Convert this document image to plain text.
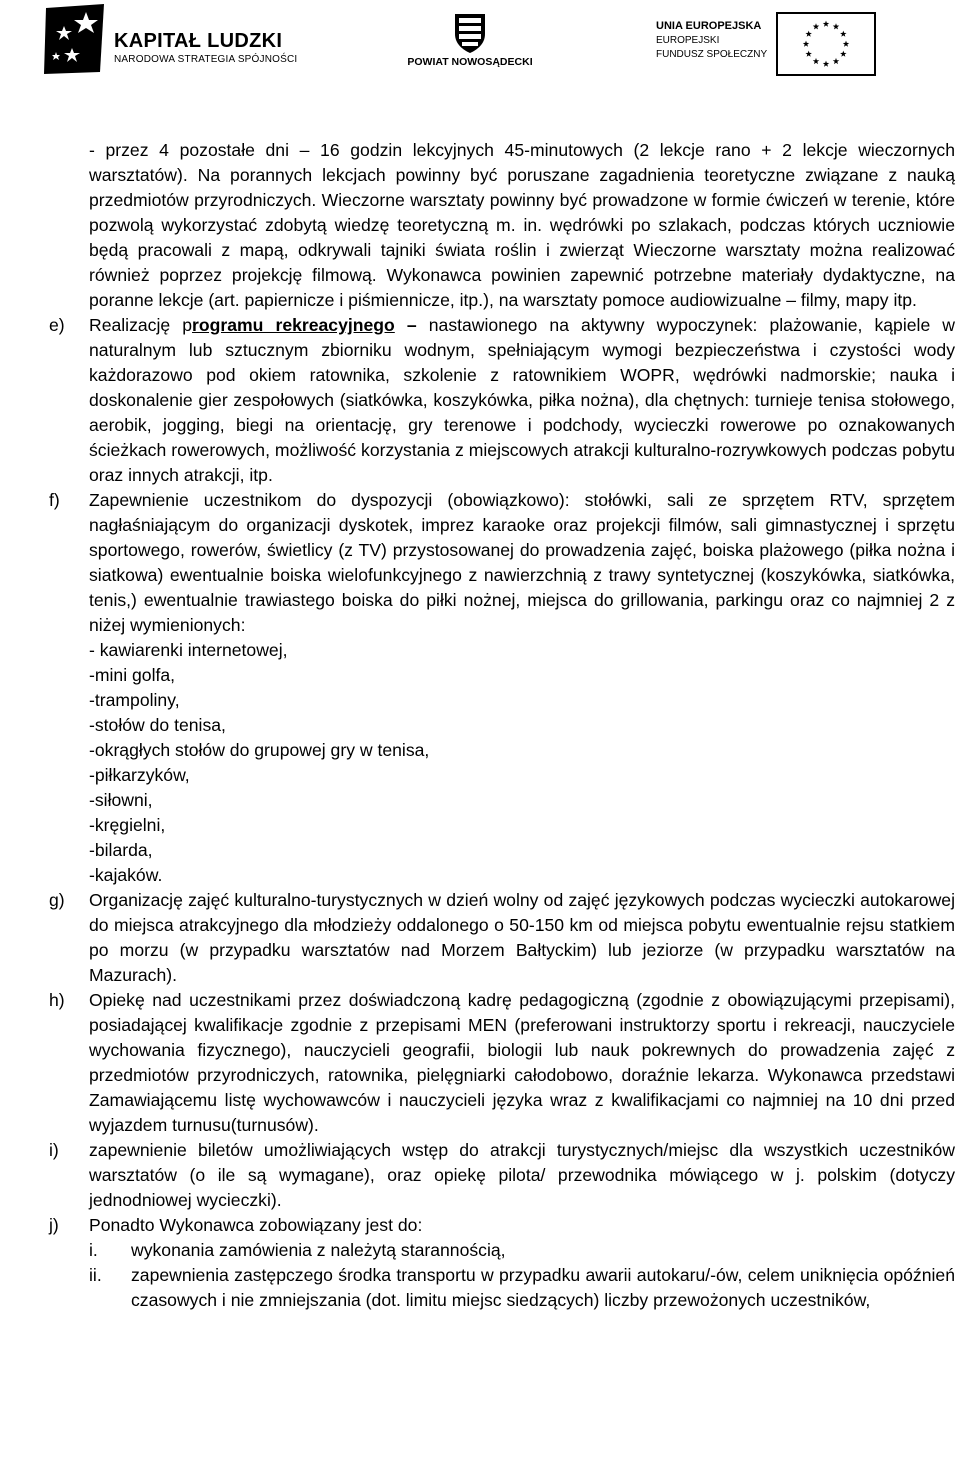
KAPITAŁ LUDZKI
NARODOWA STRATEGIA SPÓJNOŚCI	POWIAT NOWOSĄDECKI
UNIA EUROPEJSKA
EUROPEJSKI
FUNDUSZ SPOŁECZNY
- przez 4 pozostałe dni – 16 godzin lekcyjnych 45-minutowych (2 lekcje rano + 2 lekcje wieczornych warsztatów). Na porannych lekcjach powinny być poruszane zagadnienia teoretyczne związane z nauką przedmiotów przyrodniczych. Wieczorne warsztaty powinny być prowadzone w formie ćwiczeń w terenie, które pozwolą wykorzystać zdobytą wiedzę teoretyczną m. in. wędrówki po szlakach, podczas których uczniowie będą pracowali z mapą, odkrywali tajniki świata roślin i zwierząt Wieczorne warsztaty można realizować również poprzez projekcję filmową. Wykonawca powinien zapewnić potrzebne materiały dydaktyczne, na poranne lekcje (art. papiernicze i piśmiennicze, itp.), na warsztaty pomoce audiowizualne – filmy, mapy itp.
e) Realizację programu rekreacyjnego – nastawionego na aktywny wypoczynek: plażowanie, kąpiele w naturalnym lub sztucznym zbiorniku wodnym, spełniającym wymogi bezpieczeństwa i czystości wody każdorazowo pod okiem ratownika, szkolenie z ratownikiem WOPR, wędrówki nadmorskie; nauka i doskonalenie gier zespołowych (siatkówka, koszykówka, piłka nożna), dla chętnych: turnieje tenisa stołowego, aerobik, jogging, biegi na orientację, gry terenowe i podchody, wycieczki rowerowe po oznakowanych ścieżkach rowerowych, możliwość korzystania z miejscowych atrakcji kulturalno-rozrywkowych podczas pobytu oraz innych atrakcji, itp.
f) Zapewnienie uczestnikom do dyspozycji (obowiązkowo): stołówki, sali ze sprzętem RTV, sprzętem nagłaśniającym do organizacji dyskotek, imprez karaoke oraz projekcji filmów, sali gimnastycznej i sprzętu sportowego, rowerów, świetlicy (z TV) przystosowanej do prowadzenia zajęć, boiska plażowego (piłka nożna i siatkowa) ewentualnie boiska wielofunkcyjnego z nawierzchnią z trawy syntetycznej (koszykówka, siatkówka, tenis,) ewentualnie trawiastego boiska do piłki nożnej, miejsca do grillowania, parkingu oraz co najmniej 2 z niżej wymienionych:
- kawiarenki internetowej,
-mini golfa,
-trampoliny,
-stołów do tenisa,
-okrągłych stołów do grupowej gry w tenisa,
-piłkarzyków,
-siłowni,
-kręgielni,
-bilarda,
-kajaków.
g) Organizację zajęć kulturalno-turystycznych w dzień wolny od zajęć językowych podczas wycieczki autokarowej do miejsca atrakcyjnego dla młodzieży oddalonego o 50-150 km od miejsca pobytu ewentualnie rejsu statkiem po morzu (w przypadku warsztatów nad Morzem Bałtyckim) lub jeziorze (w przypadku warsztatów na Mazurach).
h) Opiekę nad uczestnikami przez doświadczoną kadrę pedagogiczną (zgodnie z obowiązującymi przepisami), posiadającej kwalifikacje zgodnie z przepisami MEN (preferowani instruktorzy sportu i rekreacji, nauczyciele wychowania fizycznego), nauczycieli geografii, biologii lub nauk pokrewnych do prowadzenia zajęć z przedmiotów przyrodniczych, ratownika, pielęgniarki całodobowo, doraźnie lekarza. Wykonawca przedstawi Zamawiającemu listę wychowawców i nauczycieli języka wraz z kwalifikacjami co najmniej na 10 dni przed wyjazdem turnusu(turnusów).
i) zapewnienie biletów umożliwiających wstęp do atrakcji turystycznych/miejsc dla wszystkich uczestników warsztatów (o ile są wymagane), oraz opiekę pilota/ przewodnika mówiącego w j. polskim (dotyczy jednodniowej wycieczki).
j) Ponadto Wykonawca zobowiązany jest do:
i. wykonania zamówienia z należytą starannością,
ii. zapewnienia zastępczego środka transportu w przypadku awarii autokaru/-ów, celem uniknięcia opóźnień czasowych i nie zmniejszania (dot. limitu miejsc siedzących) liczby przewożonych uczestników,
